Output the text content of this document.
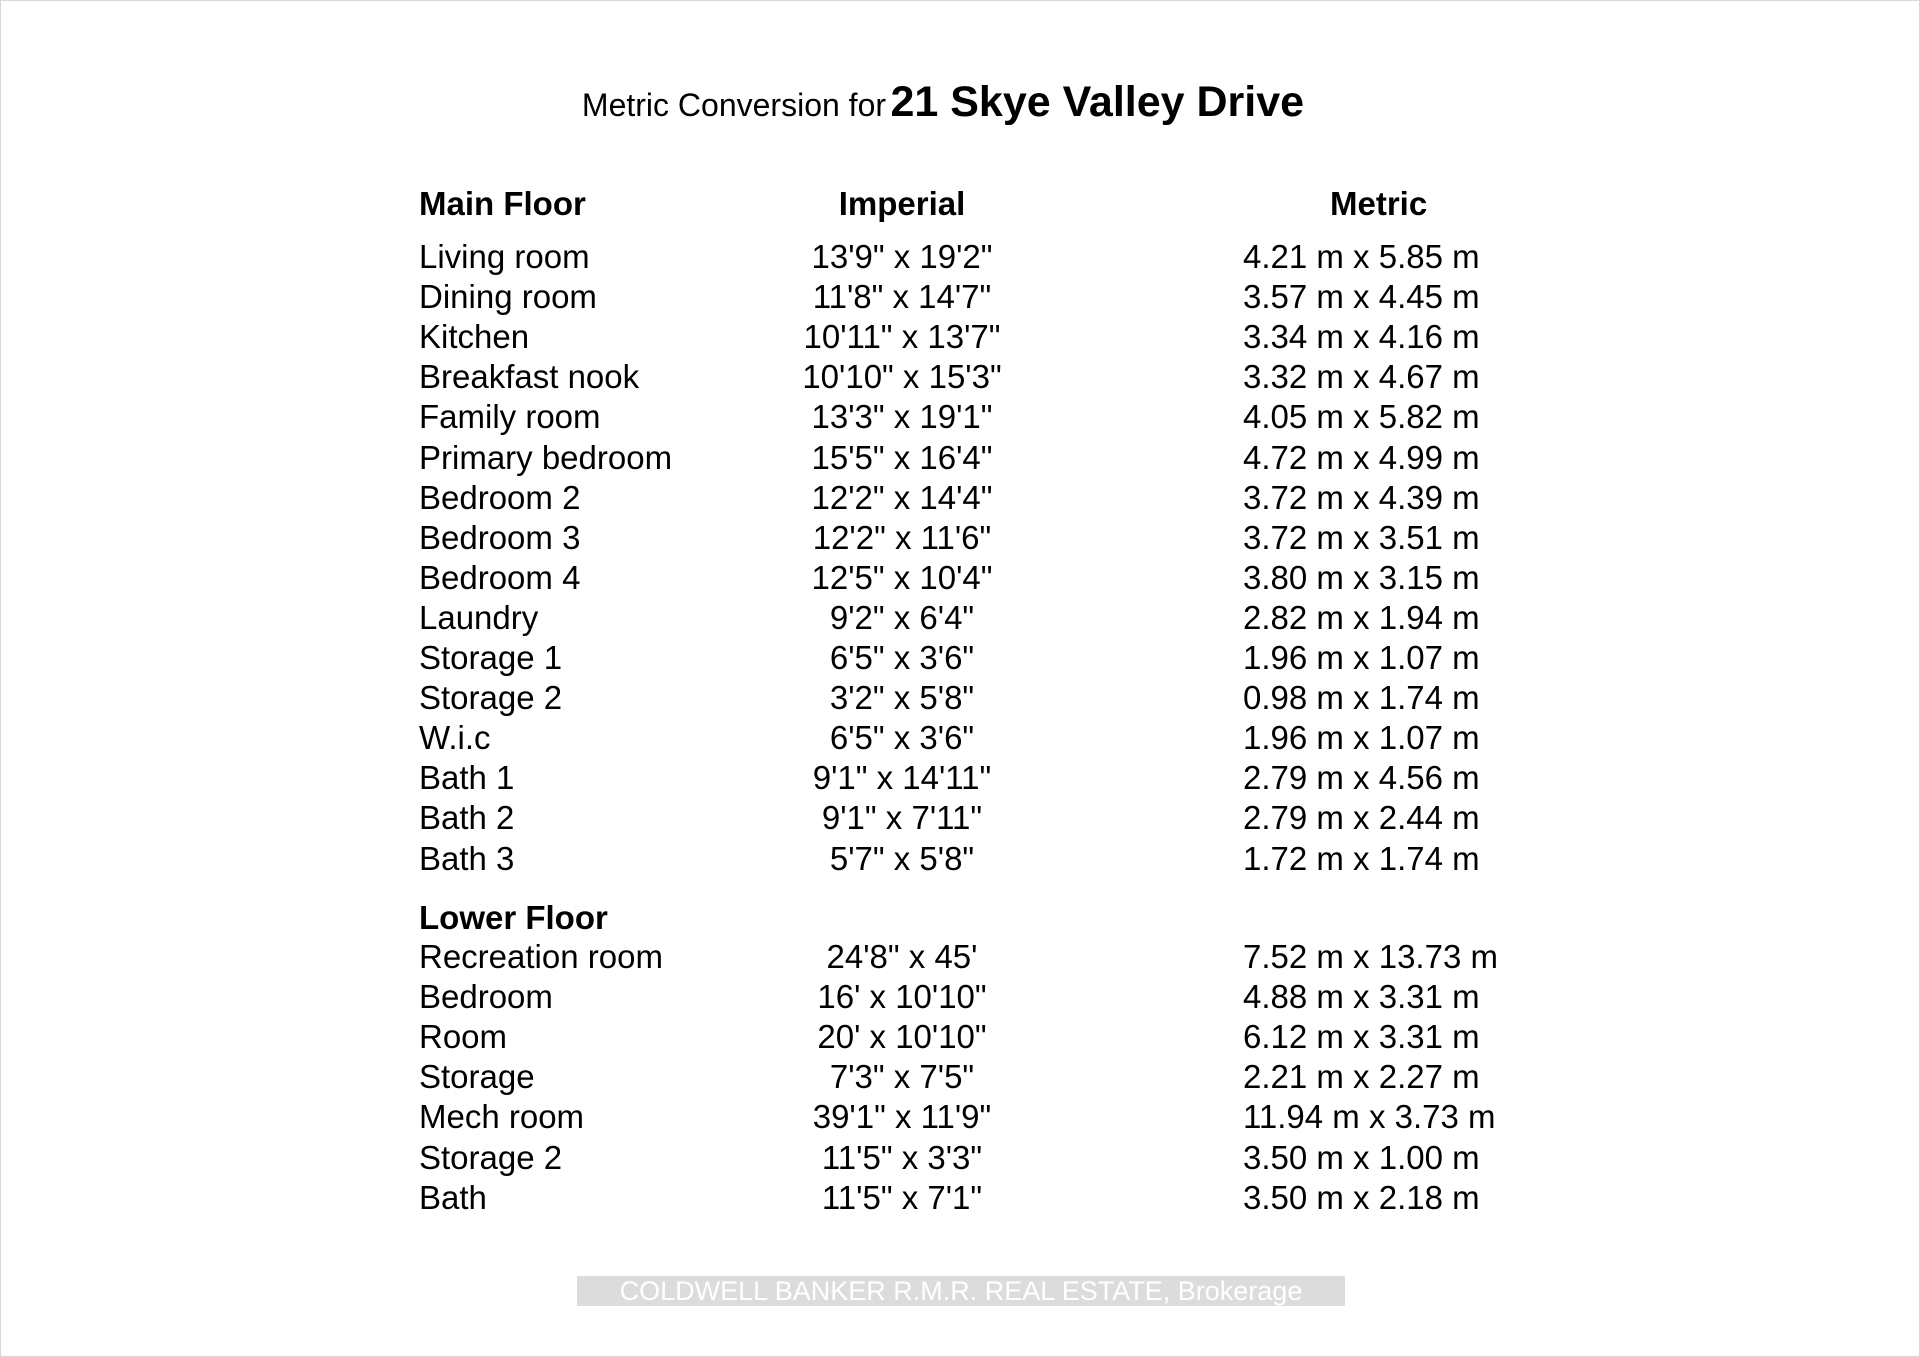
Metric Conversion for 21 Skye Valley Drive
Main Floor	Imperial	Metric
Living room	13'9" x 19'2"	4.21 m x 5.85 m
Dining room	11'8" x 14'7"	3.57 m x 4.45 m
Kitchen	10'11" x 13'7"	3.34 m x 4.16 m
Breakfast nook	10'10" x 15'3"	3.32 m x 4.67 m
Family room	13'3" x 19'1"	4.05 m x 5.82 m
Primary bedroom	15'5" x 16'4"	4.72 m x 4.99 m
Bedroom 2	12'2" x 14'4"	3.72 m x 4.39 m
Bedroom 3	12'2" x 11'6"	3.72 m x 3.51 m
Bedroom 4	12'5" x 10'4"	3.80 m x 3.15 m
Laundry	9'2" x 6'4"	2.82 m x 1.94 m
Storage 1	6'5" x 3'6"	1.96 m x 1.07 m
Storage 2	3'2" x 5'8"	0.98 m x 1.74 m
W.i.c	6'5" x 3'6"	1.96 m x 1.07 m
Bath 1	9'1" x 14'11"	2.79 m x 4.56 m
Bath 2	9'1" x 7'11"	2.79 m x 2.44 m
Bath 3	5'7" x 5'8"	1.72 m x 1.74 m
Lower Floor
Recreation room	24'8" x 45'	7.52 m x 13.73 m
Bedroom	16' x 10'10"	4.88 m x 3.31 m
Room	20' x 10'10"	6.12 m x 3.31 m
Storage	7'3" x 7'5"	2.21 m x 2.27 m
Mech room	39'1" x 11'9"	11.94 m x 3.73 m
Storage 2	11'5" x 3'3"	3.50 m x 1.00 m
Bath	11'5" x 7'1"	3.50 m x 2.18 m
COLDWELL BANKER R.M.R. REAL ESTATE, Brokerage
